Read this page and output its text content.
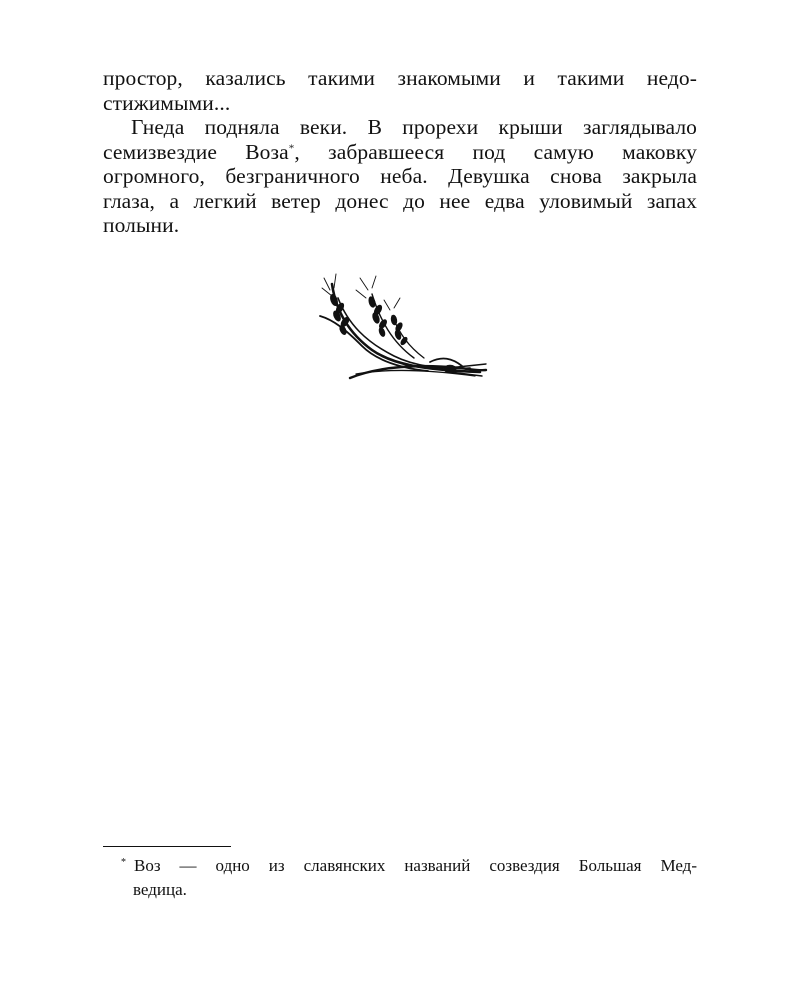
простор, казались такими знакомыми и такими недо-
стижимыми...
Гнеда подняла веки. В прорехи крыши заглядывало
семизвездие Воза*, забравшееся под самую маковку
огромного, безграничного неба. Девушка снова закрыла
глаза, а легкий ветер донес до нее едва уловимый запах
полыни.
* Воз — одно из славянских названий созвездия Большая Мед-
ведица.
